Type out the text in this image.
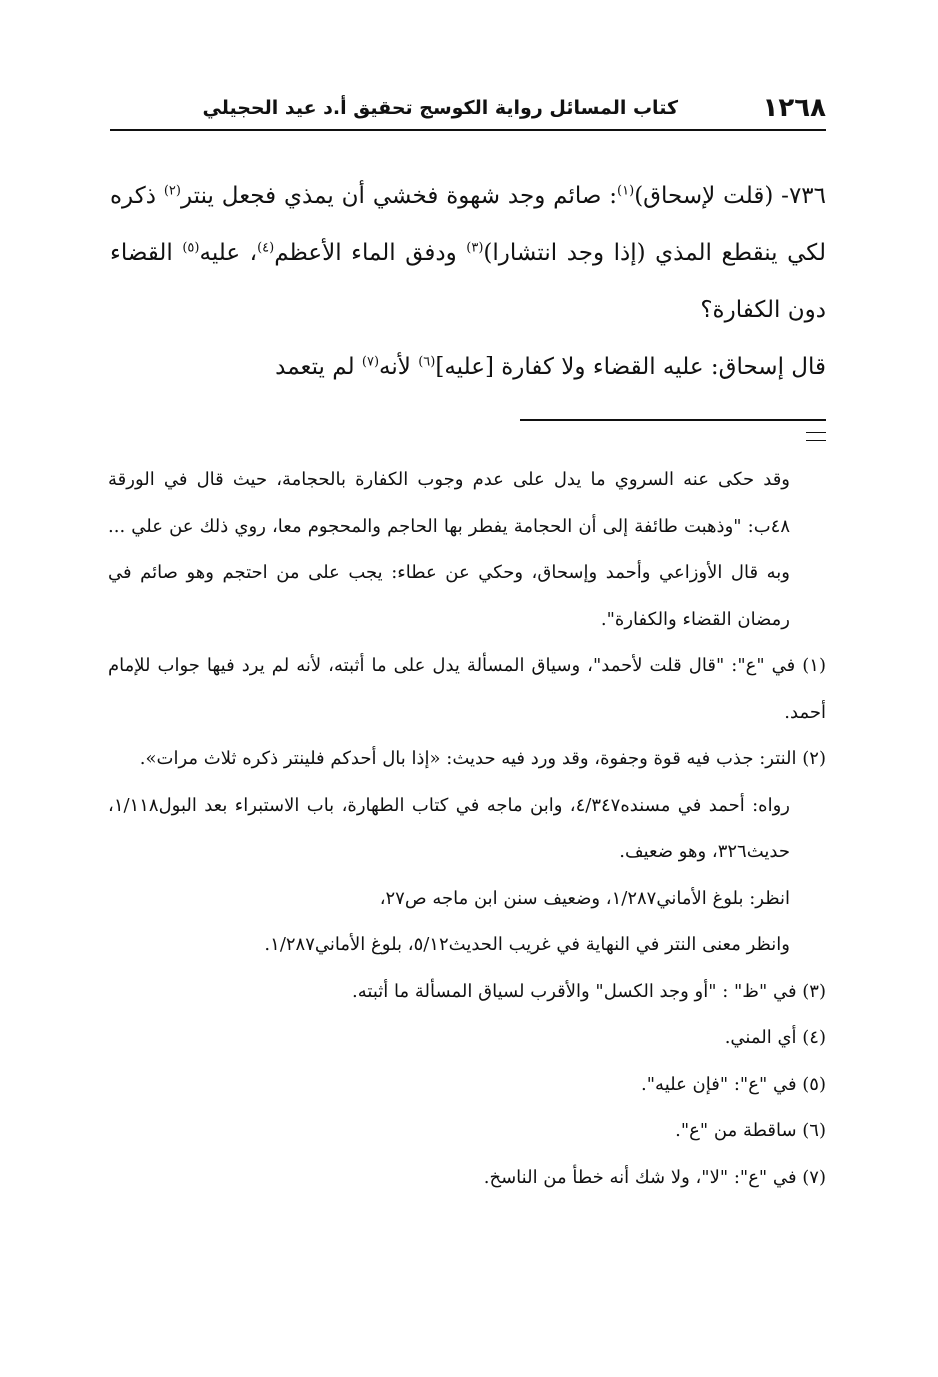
١٢٦٨
كتاب المسائل رواية الكوسج تحقيق أ.د عيد الحجيلي

٧٣٦- (قلت لإسحاق)$^{(١)}$: صائم وجد شهوة فخشي أن يمذي فجعل ينتر$^{(٢)}$ ذكره لكي ينقطع المذي (إذا وجد انتشارا)$^{(٣)}$ ودفق الماء الأعظم$^{(٤)}$، عليه$^{(٥)}$ القضاء دون الكفارة؟

قال إسحاق: عليه القضاء ولا كفارة [عليه]$^{(٦)}$ لأنه$^{(٧)}$ لم يتعمد

وقد حكى عنه السروي ما يدل على عدم وجوب الكفارة بالحجامة، حيث قال في الورقة ٤٨ب: "وذهبت طائفة إلى أن الحجامة يفطر بها الحاجم والمحجوم معا، روي ذلك عن علي ... وبه قال الأوزاعي وأحمد وإسحاق، وحكي عن عطاء: يجب على من احتجم وهو صائم في رمضان القضاء والكفارة".

(١) في "ع": "قال قلت لأحمد"، وسياق المسألة يدل على ما أثبته، لأنه لم يرد فيها جواب للإمام أحمد.

(٢) النتر: جذب فيه قوة وجفوة، وقد ورد فيه حديث: «إذا بال أحدكم فلينتر ذكره ثلاث مرات».

رواه: أحمد في مسنده٤/٣٤٧، وابن ماجه في كتاب الطهارة، باب الاستبراء بعد البول١/١١٨، حديث٣٢٦، وهو ضعيف.

انظر: بلوغ الأماني١/٢٨٧، وضعيف سنن ابن ماجه ص٢٧،

وانظر معنى النتر في النهاية في غريب الحديث٥/١٢، بلوغ الأماني١/٢٨٧.

(٣) في "ظ" : "أو وجد الكسل" والأقرب لسياق المسألة ما أثبته.

(٤) أي المني.

(٥) في "ع": "فإن عليه".

(٦) ساقطة من "ع".

(٧) في "ع": "لا"، ولا شك أنه خطأ من الناسخ.
